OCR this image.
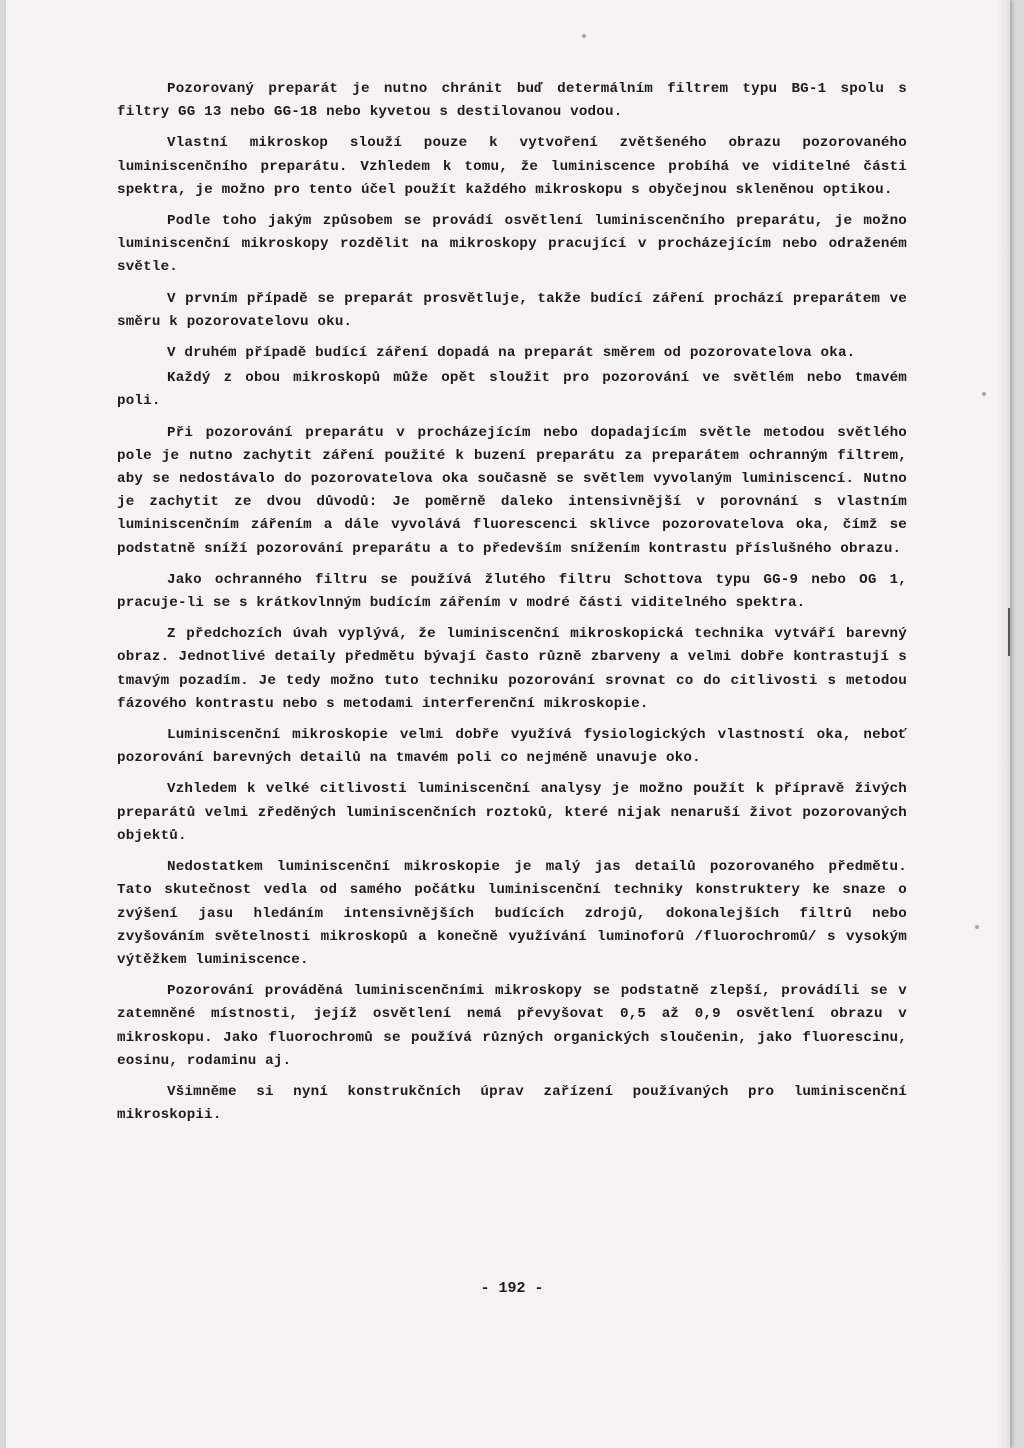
Pozorovaný preparát je nutno chránit buď determálním filtrem typu BG-1 spolu s filtry GG 13 nebo GG-18 nebo kyvetou s destilovanou vodou.

Vlastní mikroskop slouží pouze k vytvoření zvětšeného obrazu pozorovaného luminiscenčního preparátu. Vzhledem k tomu, že luminiscence probíhá ve viditelné části spektra, je možno pro tento účel použít každého mikroskopu s obyčejnou skleněnou optikou.

Podle toho jakým způsobem se provádí osvětlení luminiscenčního preparátu, je možno luminiscenční mikroskopy rozdělit na mikroskopy pracující v procházejícím nebo odraženém světle.

V prvním případě se preparát prosvětluje, takže budící záření prochází preparátem ve směru k pozorovatelovu oku.

V druhém případě budící záření dopadá na preparát směrem od pozorovatelova oka.

Každý z obou mikroskopů může opět sloužit pro pozorování ve světlém nebo tmavém poli.

Při pozorování preparátu v procházejícím nebo dopadajícím světle metodou světlého pole je nutno zachytit záření použité k buzení preparátu za preparátem ochranným filtrem, aby se nedostávalo do pozorovatelova oka současně se světlem vyvolaným luminiscencí. Nutno je zachytit ze dvou důvodů: Je poměrně daleko intensivnější v porovnání s vlastním luminiscenčním zářením a dále vyvolává fluorescenci sklivce pozorovatelova oka, čímž se podstatně sníží pozorování preparátu a to především snížením kontrastu příslušného obrazu.

Jako ochranného filtru se používá žlutého filtru Schottova typu GG-9 nebo OG 1, pracuje-li se s krátkovlnným budícím zářením v modré části viditelného spektra.

Z předchozích úvah vyplývá, že luminiscenční mikroskopická technika vytváří barevný obraz. Jednotlivé detaily předmětu bývají často různě zbarveny a velmi dobře kontrastují s tmavým pozadím. Je tedy možno tuto techniku pozorování srovnat co do citlivosti s metodou fázového kontrastu nebo s metodami interferenční mikroskopie.

Luminiscenční mikroskopie velmi dobře využívá fysiologických vlastností oka, neboť pozorování barevných detailů na tmavém poli co nejméně unavuje oko.

Vzhledem k velké citlivosti luminiscenční analysy je možno použít k přípravě živých preparátů velmi zředěných luminiscenčních roztoků, které nijak nenaruší život pozorovaných objektů.

Nedostatkem luminiscenční mikroskopie je malý jas detailů pozorovaného předmětu. Tato skutečnost vedla od samého počátku luminiscenční techniky konstruktery ke snaze o zvýšení jasu hledáním intensivnějších budících zdrojů, dokonalejších filtrů nebo zvyšováním světelnosti mikroskopů a konečně využívání luminoforů /fluorochromů/ s vysokým výtěžkem luminiscence.

Pozorování prováděná luminiscenčními mikroskopy se podstatně zlepší, provádíli se v zatemněné místnosti, jejíž osvětlení nemá převyšovat 0,5 až 0,9 osvětlení obrazu v mikroskopu. Jako fluorochromů se používá různých organických sloučenin, jako fluorescinu, eosinu, rodaminu aj.

Všimněme si nyní konstrukčních úprav zařízení používaných pro luminiscenční mikroskopii.

- 192 -
